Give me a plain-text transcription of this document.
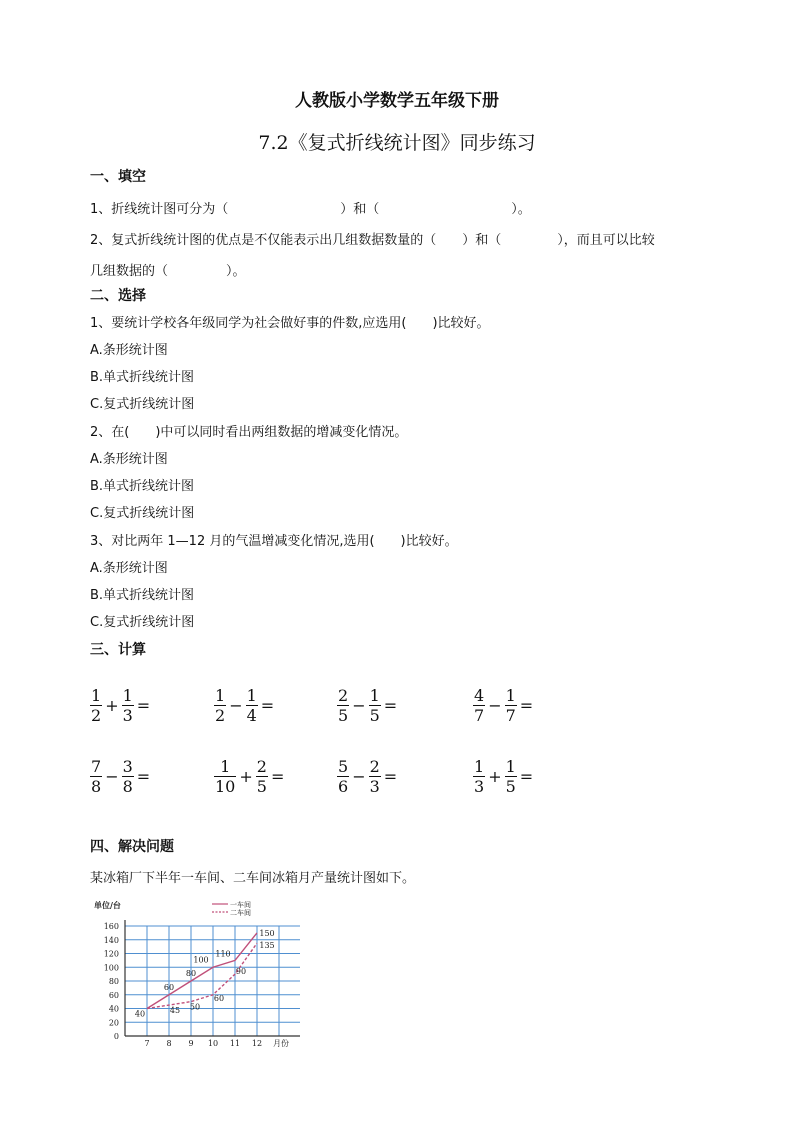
人教版小学数学五年级下册
7.2《复式折线统计图》同步练习
一、填空
1、折线统计图可分为（	）和（	）。
2、复式折线统计图的优点是不仅能表示出几组数据数量的（ ）和（	），而且可以比较
几组数据的（	）。
二、选择
1、要统计学校各年级同学为社会做好事的件数,应选用(　　)比较好。
A.条形统计图
B.单式折线统计图
C.复式折线统计图
2、在(　　)中可以同时看出两组数据的增减变化情况。
A.条形统计图
B.单式折线统计图
C.复式折线统计图
3、对比两年 1—12 月的气温增减变化情况,选用(　　)比较好。
A.条形统计图
B.单式折线统计图
C.复式折线统计图
三、计算
$\frac{1}{2} + \frac{1}{3}$ =	$\frac{1}{2} - \frac{1}{4}$ =	$\frac{2}{5} - \frac{1}{5}$ =	$\frac{4}{7} - \frac{1}{7}$ =
$\frac{7}{8} - \frac{3}{8}$ =	$\frac{1}{10} + \frac{2}{5}$ =	$\frac{5}{6} - \frac{2}{3}$ =	$\frac{1}{3} + \frac{1}{5}$ =
四、解决问题
某冰箱厂下半年一车间、二车间冰箱月产量统计图如下。
0
20
40
60
80
100
120
140
160
7 8 9 10 11 12 月份
单位/台	一车间
二车间
60
80
100
110
150
40	45 50
60
90
135
